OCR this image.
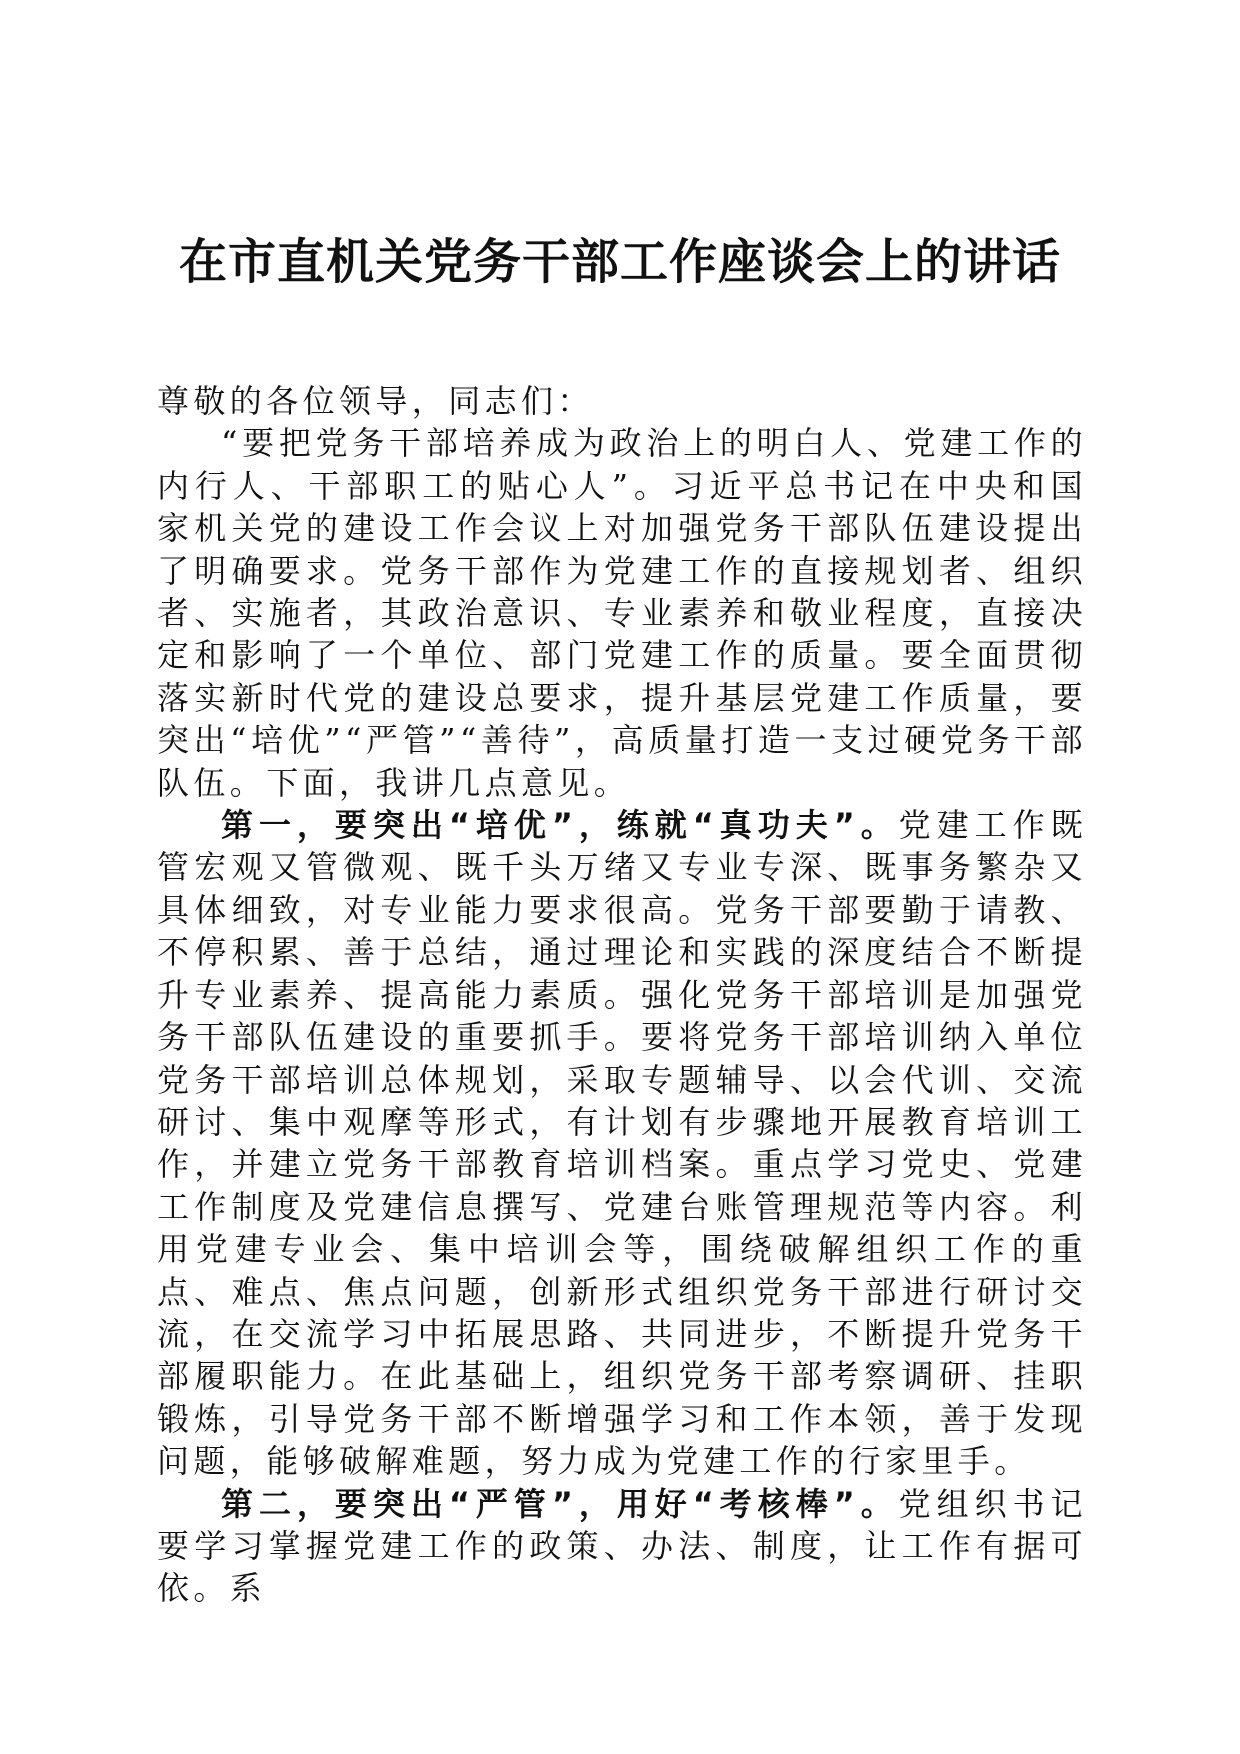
在市直机关党务干部工作座谈会上的讲话

尊敬的各位领导，同志们：

“要把党务干部培养成为政治上的明白人、党建工作的内行人、干部职工的贴心人”。习近平总书记在中央和国家机关党的建设工作会议上对加强党务干部队伍建设提出了明确要求。党务干部作为党建工作的直接规划者、组织者、实施者，其政治意识、专业素养和敬业程度，直接决定和影响了一个单位、部门党建工作的质量。要全面贯彻落实新时代党的建设总要求，提升基层党建工作质量，要突出“培优”“严管”“善待”，高质量打造一支过硬党务干部队伍。下面，我讲几点意见。

第一，要突出“培优”，练就“真功夫”。党建工作既管宏观又管微观、既千头万绪又专业专深、既事务繁杂又具体细致，对专业能力要求很高。党务干部要勤于请教、不停积累、善于总结，通过理论和实践的深度结合不断提升专业素养、提高能力素质。强化党务干部培训是加强党务干部队伍建设的重要抓手。要将党务干部培训纳入单位党务干部培训总体规划，采取专题辅导、以会代训、交流研讨、集中观摩等形式，有计划有步骤地开展教育培训工作，并建立党务干部教育培训档案。重点学习党史、党建工作制度及党建信息撰写、党建台账管理规范等内容。利用党建专业会、集中培训会等，围绕破解组织工作的重点、难点、焦点问题，创新形式组织党务干部进行研讨交流，在交流学习中拓展思路、共同进步，不断提升党务干部履职能力。在此基础上，组织党务干部考察调研、挂职锻炼，引导党务干部不断增强学习和工作本领，善于发现问题，能够破解难题，努力成为党建工作的行家里手。

第二，要突出“严管”，用好“考核棒”。党组织书记要学习掌握党建工作的政策、办法、制度，让工作有据可依。系
